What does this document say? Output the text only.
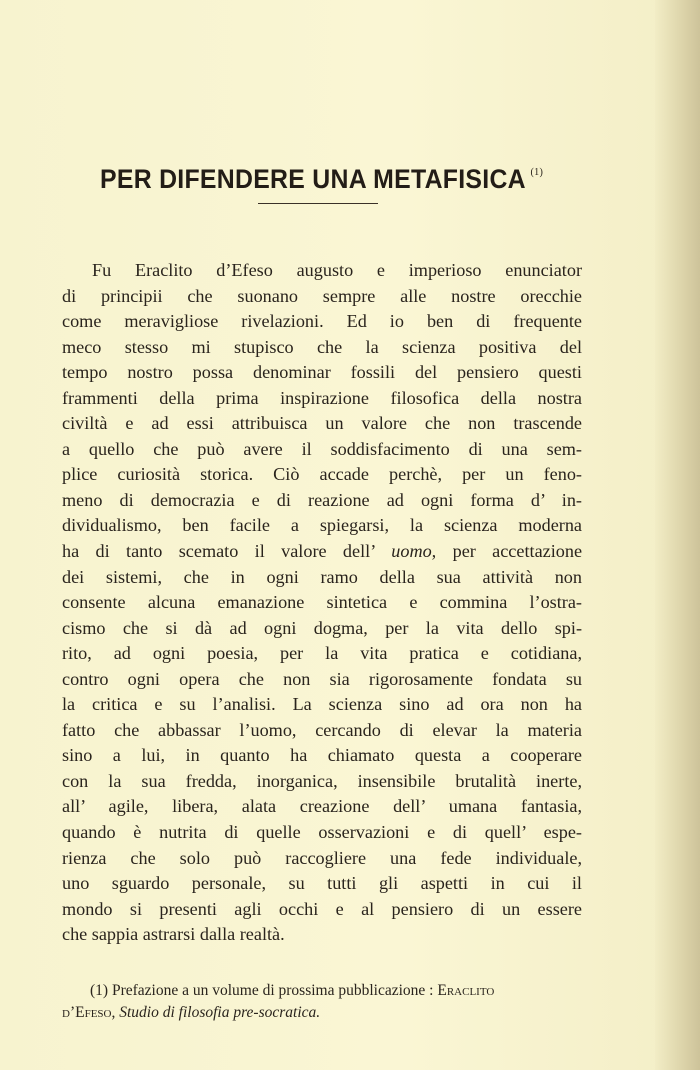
PER DIFENDERE UNA METAFISICA $^{(1)}$
Fu Eraclito d’Efeso augusto e imperioso enunciator
di principii che suonano sempre alle nostre orecchie
come meravigliose rivelazioni. Ed io ben di frequente
meco stesso mi stupisco che la scienza positiva del
tempo nostro possa denominar fossili del pensiero questi
frammenti della prima inspirazione filosofica della nostra
civiltà e ad essi attribuisca un valore che non trascende
a quello che può avere il soddisfacimento di una sem-
plice curiosità storica. Ciò accade perchè, per un feno-
meno di democrazia e di reazione ad ogni forma d’ in-
dividualismo, ben facile a spiegarsi, la scienza moderna
ha di tanto scemato il valore dell’ uomo, per accettazione
dei sistemi, che in ogni ramo della sua attività non
consente alcuna emanazione sintetica e commina l’ostra-
cismo che si dà ad ogni dogma, per la vita dello spi-
rito, ad ogni poesia, per la vita pratica e cotidiana,
contro ogni opera che non sia rigorosamente fondata su
la critica e su l’analisi. La scienza sino ad ora non ha
fatto che abbassar l’uomo, cercando di elevar la materia
sino a lui, in quanto ha chiamato questa a cooperare
con la sua fredda, inorganica, insensibile brutalità inerte,
all’ agile, libera, alata creazione dell’ umana fantasia,
quando è nutrita di quelle osservazioni e di quell’ espe-
rienza che solo può raccogliere una fede individuale,
uno sguardo personale, su tutti gli aspetti in cui il
mondo si presenti agli occhi e al pensiero di un essere
che sappia astrarsi dalla realtà.
(1) Prefazione a un volume di prossima pubblicazione : Eraclito
d’Efeso, Studio di filosofia pre-socratica.
